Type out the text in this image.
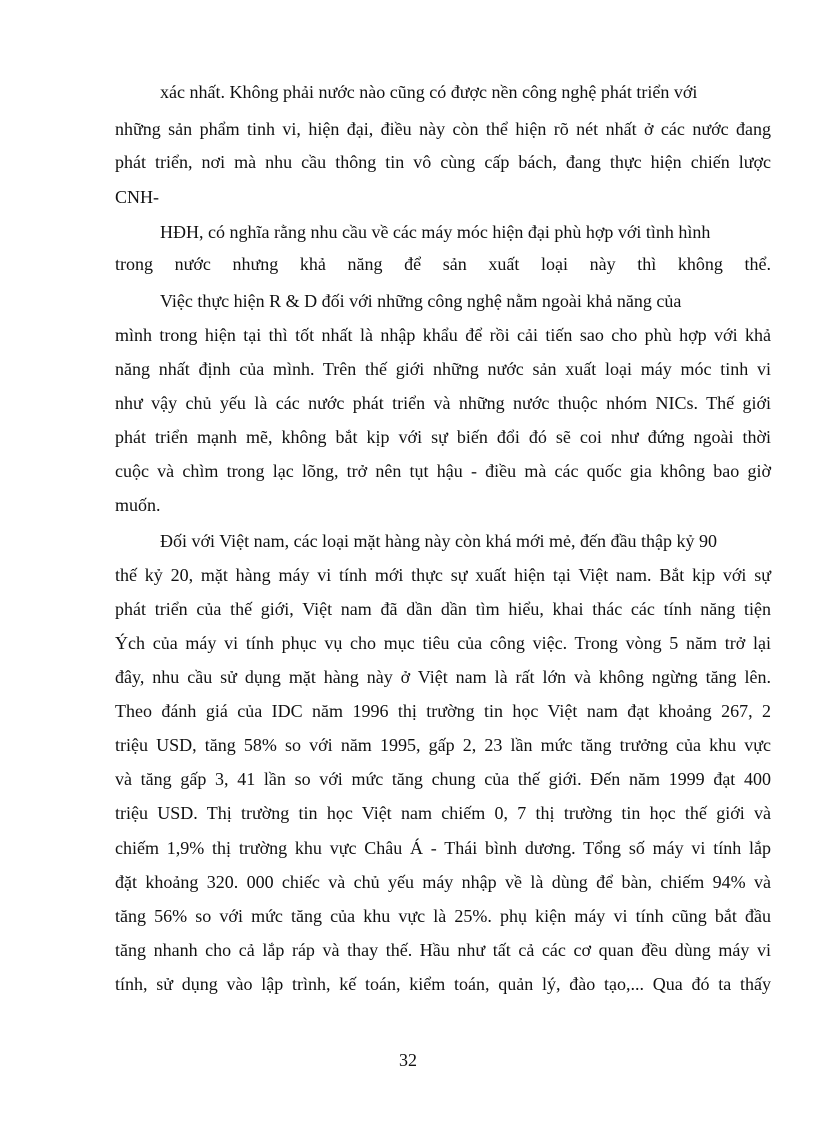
xác nhất. Không phải nước nào cũng có được nền công nghệ phát triển với
những sản phẩm tinh vi, hiện đại, điều này còn thể hiện rõ nét nhất ở các nước đang
phát triển, nơi mà nhu cầu thông tin vô cùng cấp bách, đang thực hiện chiến lược
CNH-
HĐH, có nghĩa rằng nhu cầu về các máy móc hiện đại phù hợp với tình hình
trong nước nhưng khả năng để sản xuất loại này thì không thể.
Việc thực hiện R & D đối với những công nghệ nằm ngoài khả năng của
mình trong hiện tại thì tốt nhất là nhập khẩu để rồi cải tiến sao cho phù hợp với khả
năng nhất định của mình. Trên thế giới những nước sản xuất loại máy móc tinh vi
như vậy chủ yếu là các nước phát triển và những nước thuộc nhóm NICs. Thế giới
phát triển mạnh mẽ, không bắt kịp với sự biến đổi đó sẽ coi như đứng ngoài thời
cuộc và chìm trong lạc lõng, trở nên tụt hậu - điều mà các quốc gia không bao giờ
muốn.
Đối với Việt nam, các loại mặt hàng này còn khá mới mẻ, đến đầu thập kỷ 90
thế kỷ 20, mặt hàng máy vi tính mới thực sự xuất hiện tại Việt nam. Bắt kịp với sự
phát triển của thế giới, Việt nam đã dần dần tìm hiểu, khai thác các tính năng tiện
Ých của máy vi tính phục vụ cho mục tiêu của công việc. Trong vòng 5 năm trở lại
đây, nhu cầu sử dụng mặt hàng này ở Việt nam là rất lớn và không ngừng tăng lên.
Theo đánh giá của IDC năm 1996 thị trường tin học Việt nam đạt khoảng 267, 2
triệu USD, tăng 58% so với năm 1995, gấp 2, 23 lần mức tăng trưởng của khu vực
và tăng gấp 3, 41 lần so với mức tăng chung của thế giới. Đến năm 1999 đạt 400
triệu USD. Thị trường tin học Việt nam chiếm 0, 7 thị trường tin học thế giới và
chiếm 1,9% thị trường khu vực Châu Á - Thái bình dương. Tổng số máy vi tính lắp
đặt khoảng 320. 000 chiếc và chủ yếu máy nhập về là dùng để bàn, chiếm 94% và
tăng 56% so với mức tăng của khu vực là 25%. phụ kiện máy vi tính cũng bắt đầu
tăng nhanh cho cả lắp ráp và thay thế. Hầu như tất cả các cơ quan đều dùng máy vi
tính, sử dụng vào lập trình, kế toán, kiểm toán, quản lý, đào tạo,... Qua đó ta thấy
32
